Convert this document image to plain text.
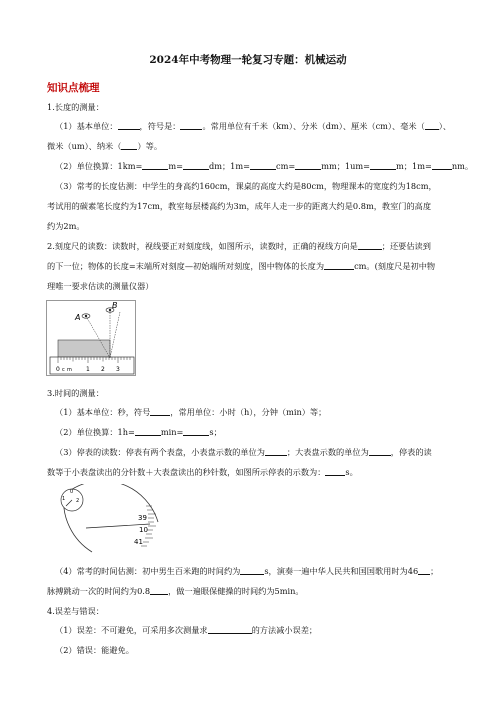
2024年中考物理一轮复习专题：机械运动
知识点梳理
1.长度的测量：
（1）基本单位：	，符号是：	。常用单位有千米（km）、分米（dm）、厘米（cm）、毫米（ ）、
微米（um）、纳米（ ）等。
（2）单位换算：1km=	m=	dm；1m=	cm=	mm；1um=	m；1m= nm。
（3）常考的长度估测：中学生的身高约160cm，课桌的高度大约是80cm，物理课本的宽度约为18cm，
考试用的碳素笔长度约为17cm，教室每层楼高约为3m，成年人走一步的距离大约是0.8m，教室门的高度
约为2m。
2.刻度尺的读数：读数时，视线要正对刻度线，如图所示，读数时，正确的视线方向是	；还要估读到
的下一位；物体的长度=末端所对刻度—初始端所对刻度，图中物体的长度为	cm。(刻度尺是初中物
理唯一要求估读的测量仪器）
0 c m 1 2 3
A
B
3.时间的测量：
（1）基本单位：秒，符号 ，常用单位：小时（h），分钟（min）等；
（2）单位换算：1h=	min=	s；
（3）停表的读数：停表有两个表盘，小表盘示数的单位为	；大表盘示数的单位为	，停表的读
数等于小表盘读出的分针数＋大表盘读出的秒针数，如图所示停表的示数为： s。
0
1 2
39
10
41
（4）常考的时间估测：初中男生百米跑的时间约为	s，演奏一遍中华人民共和国国歌用时为46 ；
脉搏跳动一次的时间约为0.8 ，做一遍眼保健操的时间约为5min。
4.误差与错误：
（1）误差：不可避免，可采用多次测量求	的方法减小误差；
（2）错误：能避免。
